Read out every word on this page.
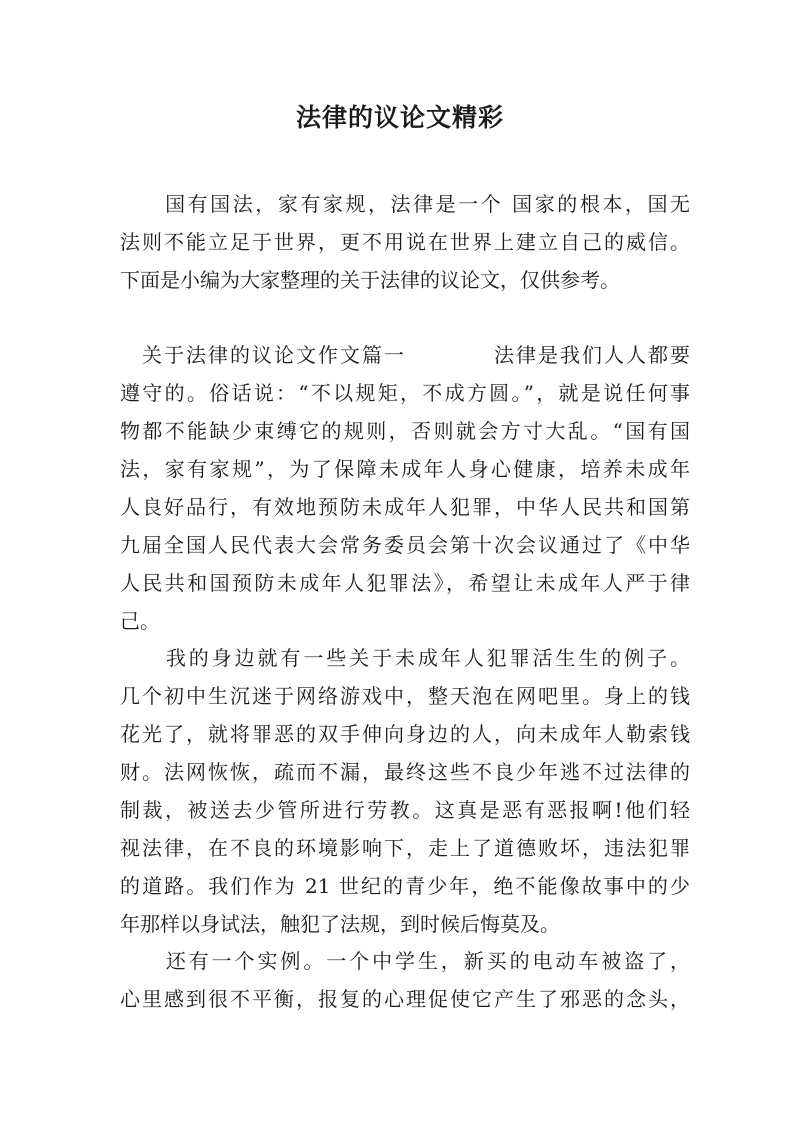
法律的议论文精彩

　　国有国法，家有家规，法律是一个 国家的根本，国无

法则不能立足于世界，更不用说在世界上建立自己的威信。

下面是小编为大家整理的关于法律的议论文，仅供参考。

　关于法律的议论文作文篇一　　　　法律是我们人人都要

遵守的。俗话说：“不以规矩，不成方圆。”，就是说任何事

物都不能缺少束缚它的规则，否则就会方寸大乱。“国有国

法，家有家规”，为了保障未成年人身心健康，培养未成年

人良好品行，有效地预防未成年人犯罪，中华人民共和国第

九届全国人民代表大会常务委员会第十次会议通过了《中华

人民共和国预防未成年人犯罪法》，希望让未成年人严于律

己。

　　我的身边就有一些关于未成年人犯罪活生生的例子。

几个初中生沉迷于网络游戏中，整天泡在网吧里。身上的钱

花光了，就将罪恶的双手伸向身边的人，向未成年人勒索钱

财。法网恢恢，疏而不漏，最终这些不良少年逃不过法律的

制裁，被送去少管所进行劳教。这真是恶有恶报啊!他们轻

视法律，在不良的环境影响下，走上了道德败坏，违法犯罪

的道路。我们作为 21 世纪的青少年，绝不能像故事中的少

年那样以身试法，触犯了法规，到时候后悔莫及。

　　还有一个实例。一个中学生，新买的电动车被盗了，

心里感到很不平衡，报复的心理促使它产生了邪恶的念头，
